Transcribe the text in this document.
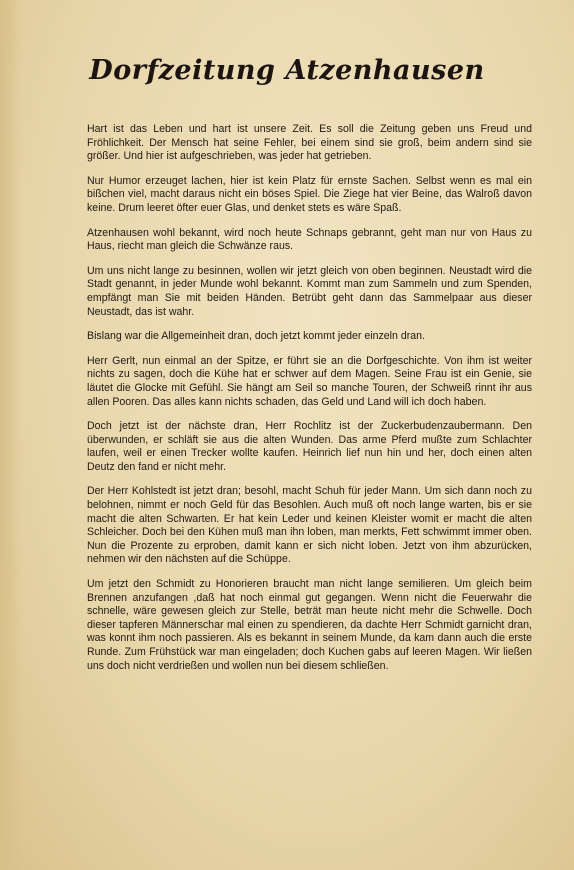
Dorfzeitung Atzenhausen

Hart ist das Leben und hart ist unsere Zeit. Es soll die Zeitung geben uns Freud und Fröhlichkeit. Der Mensch hat seine Fehler, bei einem sind sie groß, beim andern sind sie größer. Und hier ist aufgeschrieben, was jeder hat getrieben.

Nur Humor erzeuget lachen, hier ist kein Platz für ernste Sachen. Selbst wenn es mal ein bißchen viel, macht daraus nicht ein böses Spiel. Die Ziege hat vier Beine, das Walroß davon keine. Drum leeret öfter euer Glas, und denket stets es wäre Spaß.

Atzenhausen wohl bekannt, wird noch heute Schnaps gebrannt, geht man nur von Haus zu Haus, riecht man gleich die Schwänze raus.

Um uns nicht lange zu besinnen, wollen wir jetzt gleich von oben beginnen. Neustadt wird die Stadt genannt, in jeder Munde wohl bekannt. Kommt man zum Sammeln und zum Spenden, empfängt man Sie mit beiden Händen. Betrübt geht dann das Sammelpaar aus dieser Neustadt, das ist wahr.

Bislang war die Allgemeinheit dran, doch jetzt kommt jeder einzeln dran.

Herr Gerlt, nun einmal an der Spitze, er führt sie an die Dorfgeschichte. Von ihm ist weiter nichts zu sagen, doch die Kühe hat er schwer auf dem Magen. Seine Frau ist ein Genie, sie läutet die Glocke mit Gefühl. Sie hängt am Seil so manche Touren, der Schweiß rinnt ihr aus allen Pooren. Das alles kann nichts schaden, das Geld und Land will ich doch haben.

Doch jetzt ist der nächste dran, Herr Rochlitz ist der Zuckerbudenzaubermann. Den überwunden, er schläft sie aus die alten Wunden. Das arme Pferd mußte zum Schlachter laufen, weil er einen Trecker wollte kaufen. Heinrich lief nun hin und her, doch einen alten Deutz den fand er nicht mehr.

Der Herr Kohlstedt ist jetzt dran; besohl, macht Schuh für jeder Mann. Um sich dann noch zu belohnen, nimmt er noch Geld für das Besohlen. Auch muß oft noch lange warten, bis er sie macht die alten Schwarten. Er hat kein Leder und keinen Kleister womit er macht die alten Schleicher. Doch bei den Kühen muß man ihn loben, man merkts, Fett schwimmt immer oben. Nun die Prozente zu erproben, damit kann er sich nicht loben. Jetzt von ihm abzurücken, nehmen wir den nächsten auf die Schüppe.

Um jetzt den Schmidt zu Honorieren braucht man nicht lange semilieren. Um gleich beim Brennen anzufangen ,daß hat noch einmal gut gegangen. Wenn nicht die Feuerwahr die schnelle, wäre gewesen gleich zur Stelle, beträt man heute nicht mehr die Schwelle. Doch dieser tapferen Männerschar mal einen zu spendieren, da dachte Herr Schmidt garnicht dran, was konnt ihm noch passieren. Als es bekannt in seinem Munde, da kam dann auch die erste Runde. Zum Frühstück war man eingeladen; doch Kuchen gabs auf leeren Magen. Wir ließen uns doch nicht verdrießen und wollen nun bei diesem schließen.
